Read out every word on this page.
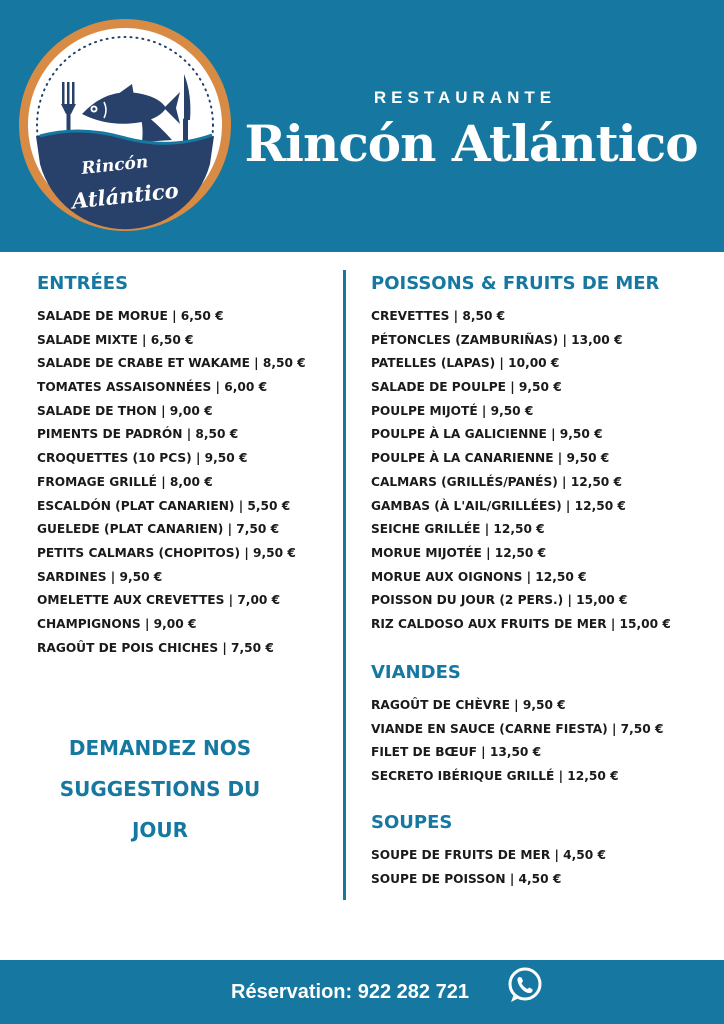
Rincón
Atlántico
RESTAURANTE
Rincón Atlántico
ENTRÉES
SALADE DE MORUE | 6,50 €
SALADE MIXTE | 6,50 €
SALADE DE CRABE ET WAKAME | 8,50 €
TOMATES ASSAISONNÉES | 6,00 €
SALADE DE THON | 9,00 €
PIMENTS DE PADRÓN | 8,50 €
CROQUETTES (10 PCS) | 9,50 €
FROMAGE GRILLÉ | 8,00 €
ESCALDÓN (PLAT CANARIEN) | 5,50 €
GUELEDE (PLAT CANARIEN) | 7,50 €
PETITS CALMARS (CHOPITOS) | 9,50 €
SARDINES | 9,50 €
OMELETTE AUX CREVETTES | 7,00 €
CHAMPIGNONS | 9,00 €
RAGOÛT DE POIS CHICHES | 7,50 €
DEMANDEZ NOS
SUGGESTIONS DU
JOUR
POISSONS & FRUITS DE MER
CREVETTES | 8,50 €
PÉTONCLES (ZAMBURIÑAS) | 13,00 €
PATELLES (LAPAS) | 10,00 €
SALADE DE POULPE | 9,50 €
POULPE MIJOTÉ | 9,50 €
POULPE À LA GALICIENNE | 9,50 €
POULPE À LA CANARIENNE | 9,50 €
CALMARS (GRILLÉS/PANÉS) | 12,50 €
GAMBAS (À L'AIL/GRILLÉES) | 12,50 €
SEICHE GRILLÉE | 12,50 €
MORUE MIJOTÉE | 12,50 €
MORUE AUX OIGNONS | 12,50 €
POISSON DU JOUR (2 PERS.) | 15,00 €
RIZ CALDOSO AUX FRUITS DE MER | 15,00 €
VIANDES
RAGOÛT DE CHÈVRE | 9,50 €
VIANDE EN SAUCE (CARNE FIESTA) | 7,50 €
FILET DE BŒUF | 13,50 €
SECRETO IBÉRIQUE GRILLÉ | 12,50 €
SOUPES
SOUPE DE FRUITS DE MER | 4,50 €
SOUPE DE POISSON | 4,50 €
Réservation: 922 282 721
